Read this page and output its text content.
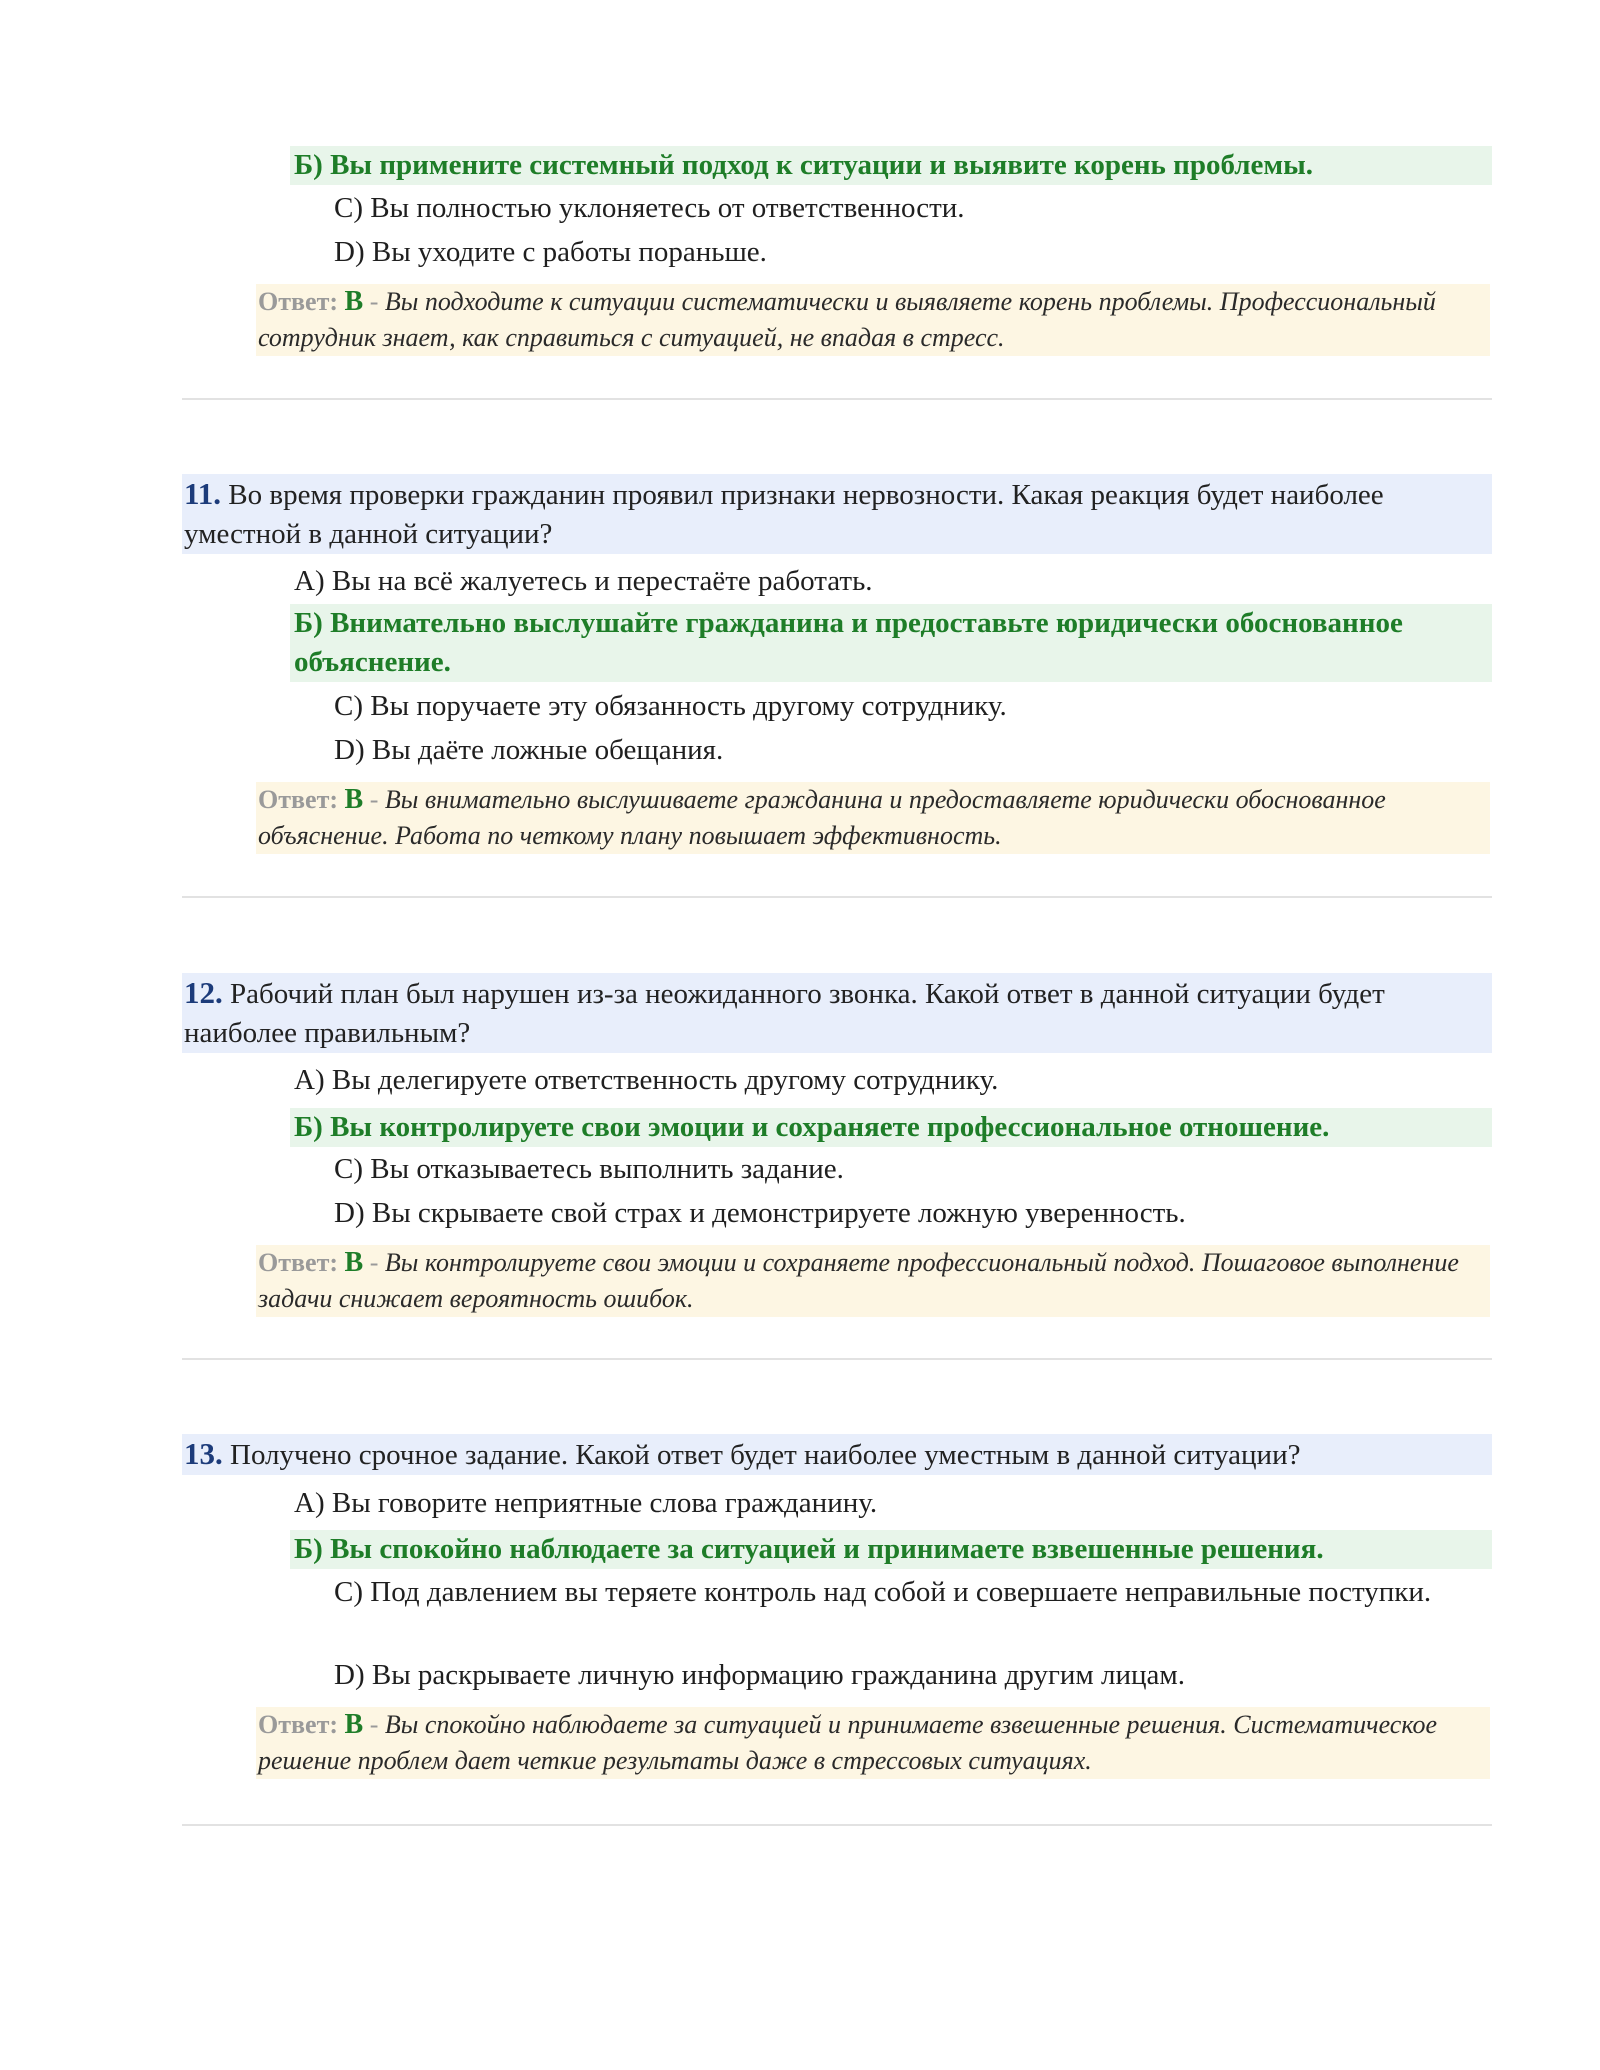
Б) Вы примените системный подход к ситуации и выявите корень проблемы.
C) Вы полностью уклоняетесь от ответственности.
D) Вы уходите с работы пораньше.
Ответ: B - Вы подходите к ситуации систематически и выявляете корень проблемы. Профессиональный сотрудник знает, как справиться с ситуацией, не впадая в стресс.
11. Во время проверки гражданин проявил признаки нервозности. Какая реакция будет наиболее уместной в данной ситуации?
A) Вы на всё жалуетесь и перестаёте работать.
Б) Внимательно выслушайте гражданина и предоставьте юридически обоснованное объяснение.
C) Вы поручаете эту обязанность другому сотруднику.
D) Вы даёте ложные обещания.
Ответ: B - Вы внимательно выслушиваете гражданина и предоставляете юридически обоснованное объяснение. Работа по четкому плану повышает эффективность.
12. Рабочий план был нарушен из-за неожиданного звонка. Какой ответ в данной ситуации будет наиболее правильным?
A) Вы делегируете ответственность другому сотруднику.
Б) Вы контролируете свои эмоции и сохраняете профессиональное отношение.
C) Вы отказываетесь выполнить задание.
D) Вы скрываете свой страх и демонстрируете ложную уверенность.
Ответ: B - Вы контролируете свои эмоции и сохраняете профессиональный подход. Пошаговое выполнение задачи снижает вероятность ошибок.
13. Получено срочное задание. Какой ответ будет наиболее уместным в данной ситуации?
A) Вы говорите неприятные слова гражданину.
Б) Вы спокойно наблюдаете за ситуацией и принимаете взвешенные решения.
C) Под давлением вы теряете контроль над собой и совершаете неправильные поступки.
D) Вы раскрываете личную информацию гражданина другим лицам.
Ответ: B - Вы спокойно наблюдаете за ситуацией и принимаете взвешенные решения. Систематическое решение проблем дает четкие результаты даже в стрессовых ситуациях.
